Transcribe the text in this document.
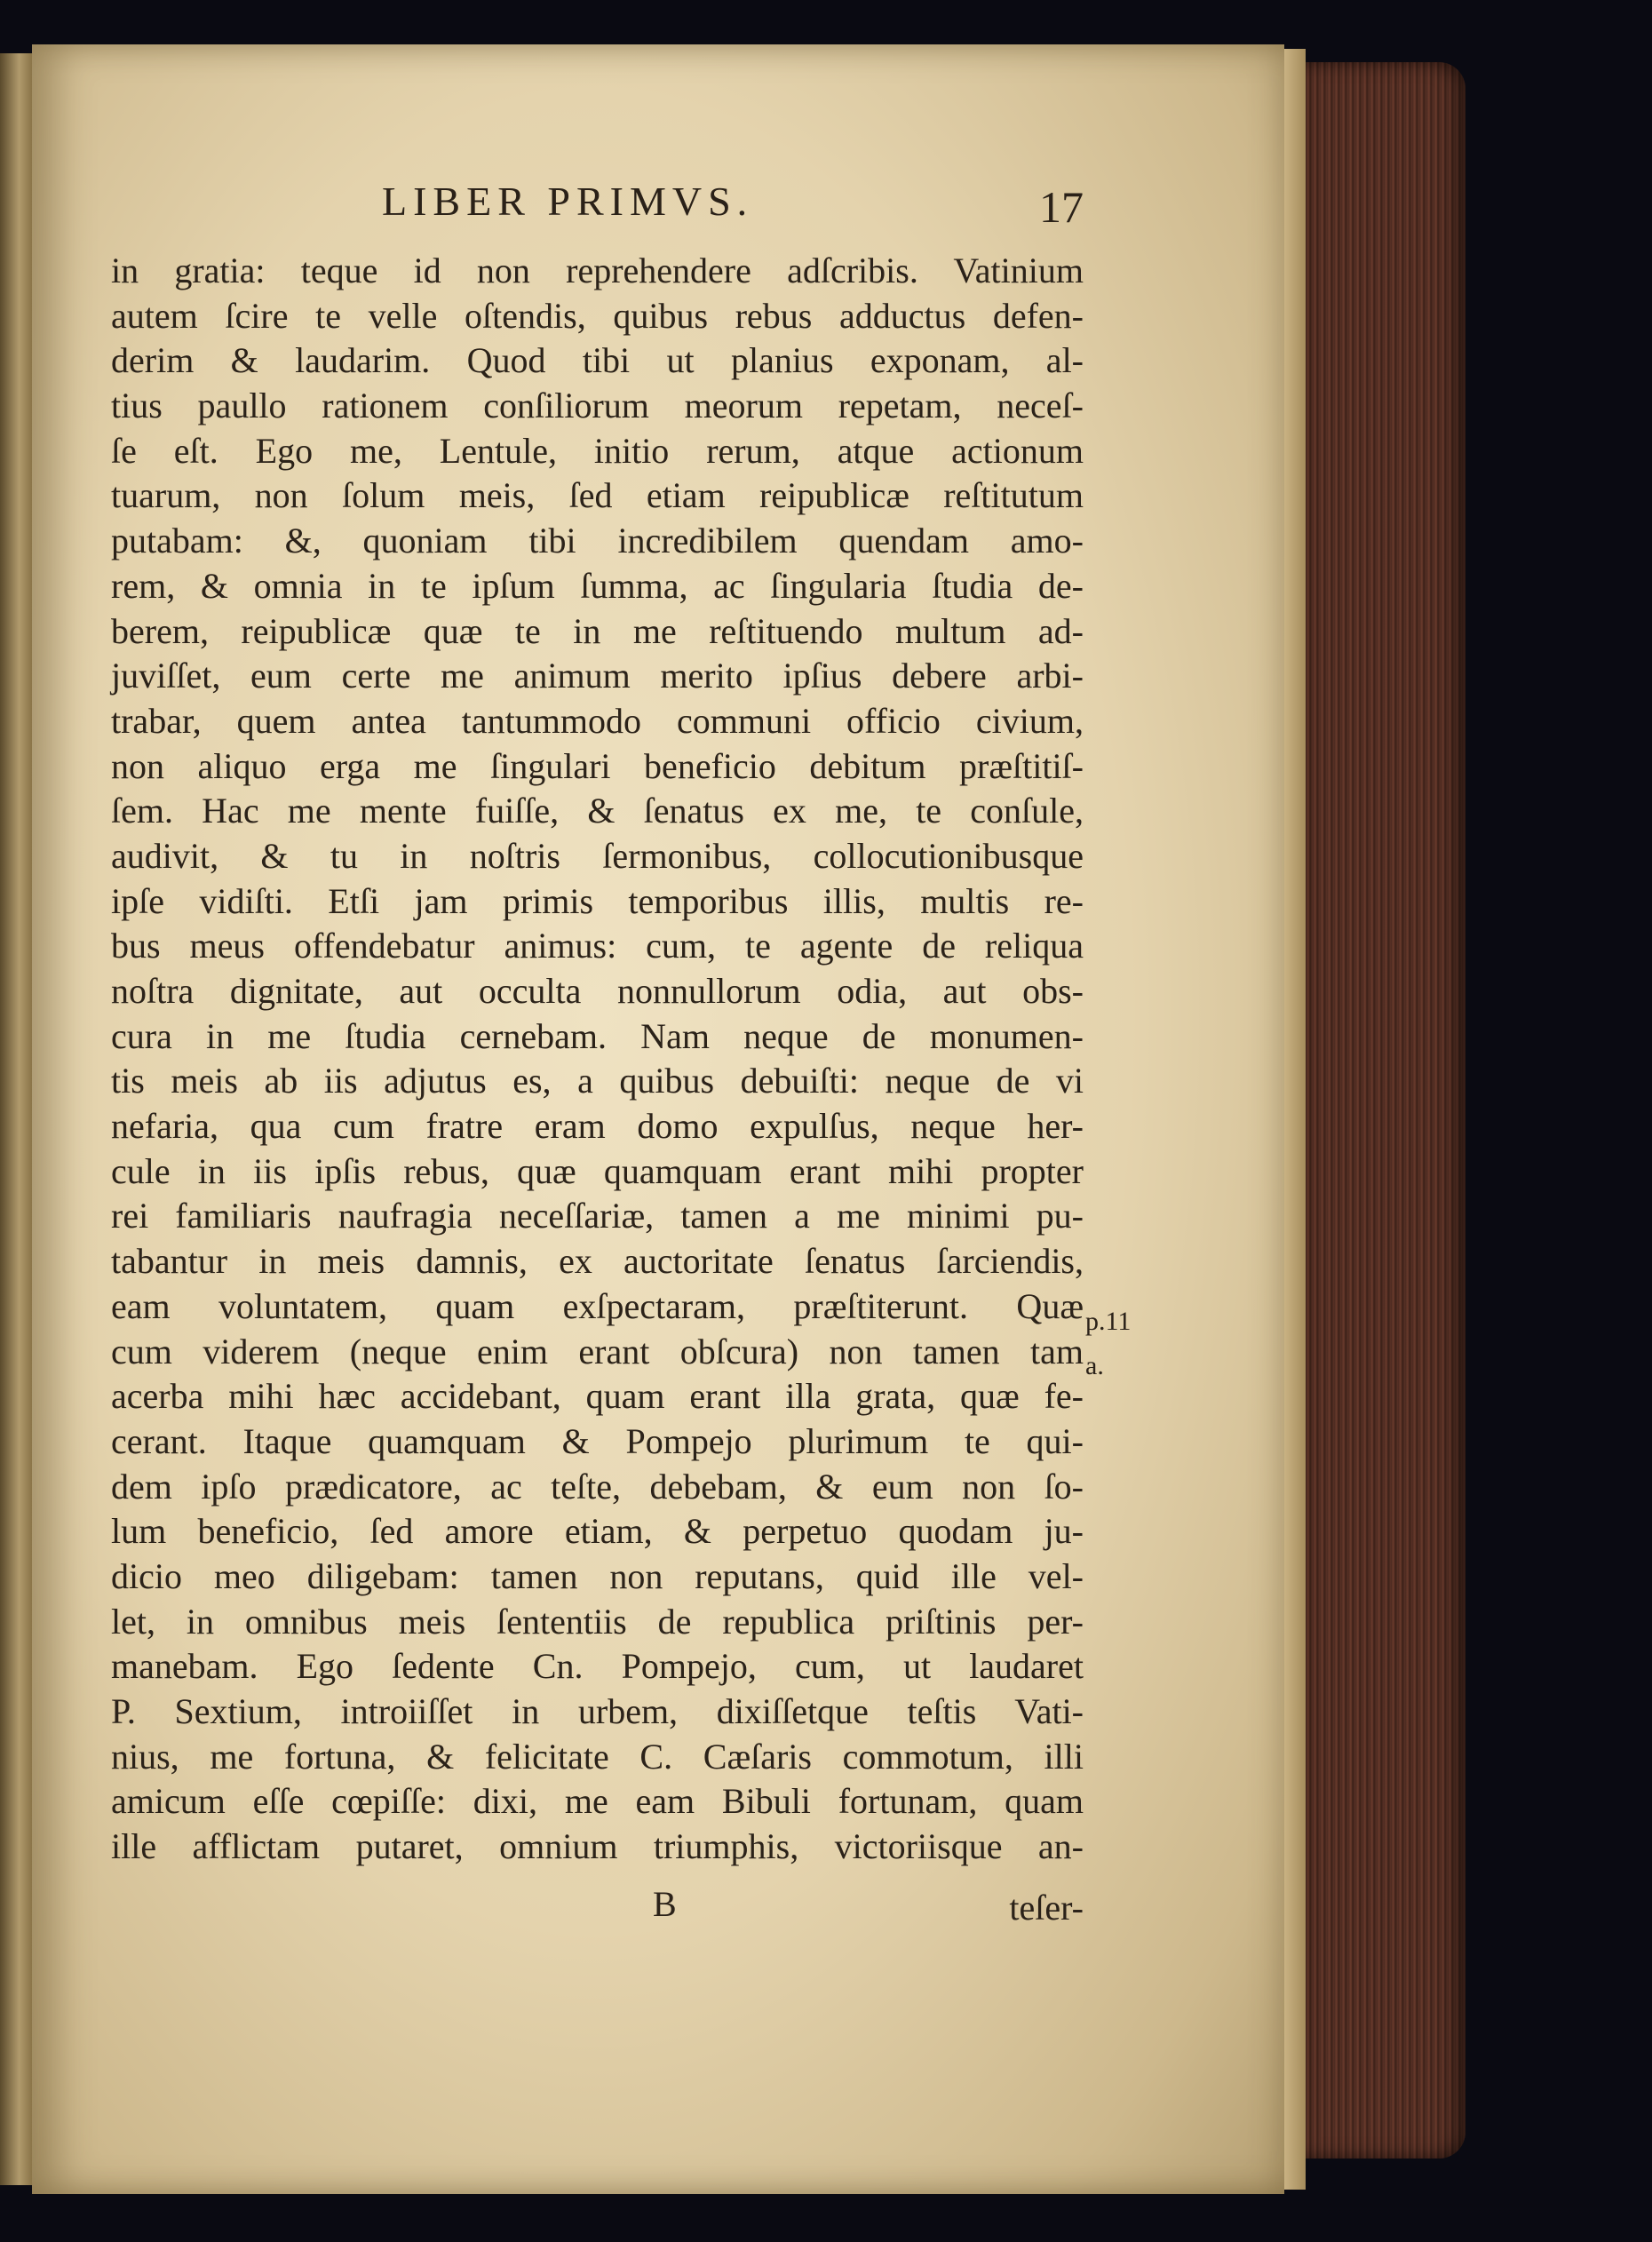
LIBER PRIMVS.	17
in gratia: teque id non reprehendere adſcribis. Vatinium
autem ſcire te velle oſtendis, quibus rebus adductus defen-
derim & laudarim. Quod tibi ut planius exponam, al-
tius paullo rationem conſiliorum meorum repetam, neceſ-
ſe eſt. Ego me, Lentule, initio rerum, atque actionum
tuarum, non ſolum meis, ſed etiam reipublicæ reſtitutum
putabam: &, quoniam tibi incredibilem quendam amo-
rem, & omnia in te ipſum ſumma, ac ſingularia ſtudia de-
berem, reipublicæ quæ te in me reſtituendo multum ad-
juviſſet, eum certe me animum merito ipſius debere arbi-
trabar, quem antea tantummodo communi officio civium,
non aliquo erga me ſingulari beneficio debitum præſtitiſ-
ſem. Hac me mente fuiſſe, & ſenatus ex me, te conſule,
audivit, & tu in noſtris ſermonibus, collocutionibusque
ipſe vidiſti. Etſi jam primis temporibus illis, multis re-
bus meus offendebatur animus: cum, te agente de reliqua
noſtra dignitate, aut occulta nonnullorum odia, aut obs-
cura in me ſtudia cernebam. Nam neque de monumen-
tis meis ab iis adjutus es, a quibus debuiſti: neque de vi
nefaria, qua cum fratre eram domo expulſus, neque her-
cule in iis ipſis rebus, quæ quamquam erant mihi propter
rei familiaris naufragia neceſſariæ, tamen a me minimi pu-
tabantur in meis damnis, ex auctoritate ſenatus ſarciendis,
eam voluntatem, quam exſpectaram, præſtiterunt. Quæ
cum viderem (neque enim erant obſcura) non tamen tam
acerba mihi hæc accidebant, quam erant illa grata, quæ fe-
cerant. Itaque quamquam & Pompejo plurimum te qui-
dem ipſo prædicatore, ac teſte, debebam, & eum non ſo-
lum beneficio, ſed amore etiam, & perpetuo quodam ju-
dicio meo diligebam: tamen non reputans, quid ille vel-
let, in omnibus meis ſententiis de republica priſtinis per-
manebam. Ego ſedente Cn. Pompejo, cum, ut laudaret
P. Sextium, introiiſſet in urbem, dixiſſetque teſtis Vati-
nius, me fortuna, & felicitate C. Cæſaris commotum, illi
amicum eſſe cœpiſſe: dixi, me eam Bibuli fortunam, quam
ille afflictam putaret, omnium triumphis, victoriisque an-
p.11
a.
B	teſer-
